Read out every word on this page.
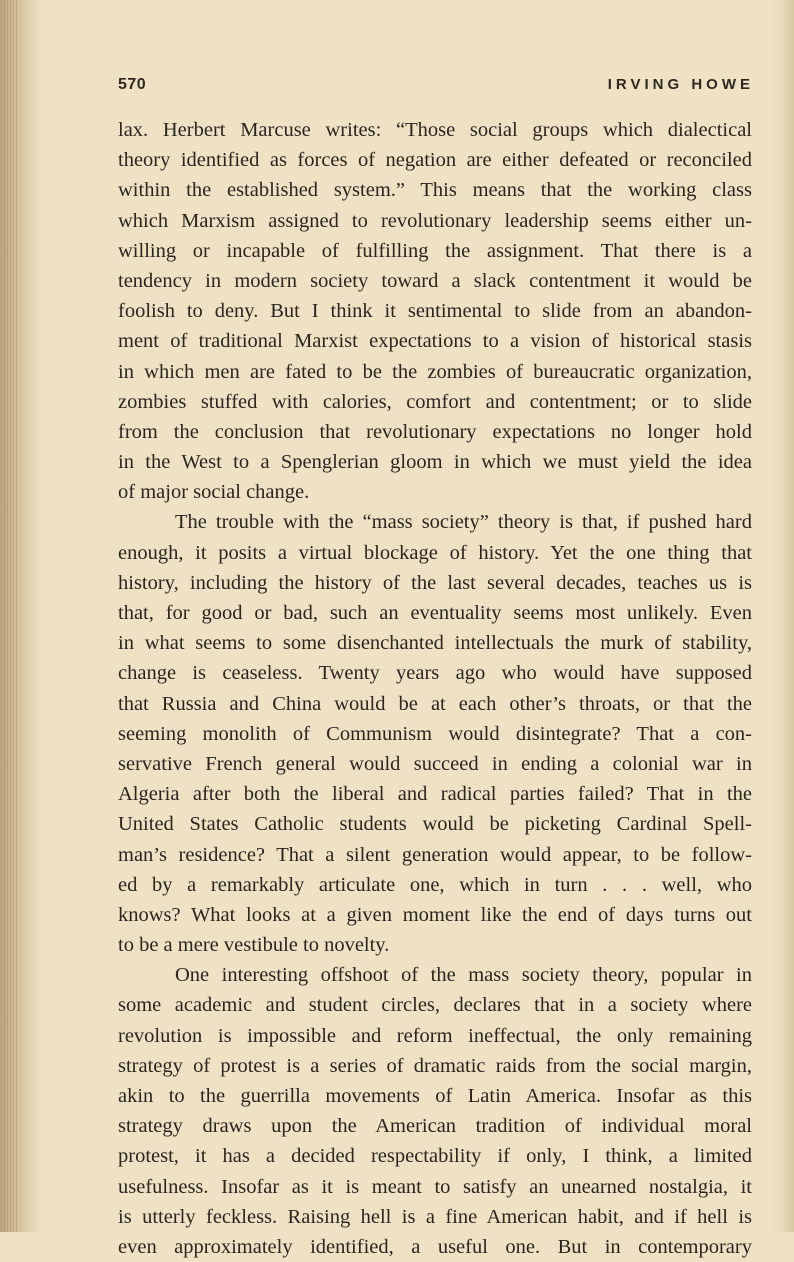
570	IRVING HOWE
lax. Herbert Marcuse writes: “Those social groups which dialectical
theory identified as forces of negation are either defeated or reconciled
within the established system.” This means that the working class
which Marxism assigned to revolutionary leadership seems either un-
willing or incapable of fulfilling the assignment. That there is a
tendency in modern society toward a slack contentment it would be
foolish to deny. But I think it sentimental to slide from an abandon-
ment of traditional Marxist expectations to a vision of historical stasis
in which men are fated to be the zombies of bureaucratic organization,
zombies stuffed with calories, comfort and contentment; or to slide
from the conclusion that revolutionary expectations no longer hold
in the West to a Spenglerian gloom in which we must yield the idea
of major social change.
The trouble with the “mass society” theory is that, if pushed hard
enough, it posits a virtual blockage of history. Yet the one thing that
history, including the history of the last several decades, teaches us is
that, for good or bad, such an eventuality seems most unlikely. Even
in what seems to some disenchanted intellectuals the murk of stability,
change is ceaseless. Twenty years ago who would have supposed
that Russia and China would be at each other’s throats, or that the
seeming monolith of Communism would disintegrate? That a con-
servative French general would succeed in ending a colonial war in
Algeria after both the liberal and radical parties failed? That in the
United States Catholic students would be picketing Cardinal Spell-
man’s residence? That a silent generation would appear, to be follow-
ed by a remarkably articulate one, which in turn . . . well, who
knows? What looks at a given moment like the end of days turns out
to be a mere vestibule to novelty.
One interesting offshoot of the mass society theory, popular in
some academic and student circles, declares that in a society where
revolution is impossible and reform ineffectual, the only remaining
strategy of protest is a series of dramatic raids from the social margin,
akin to the guerrilla movements of Latin America. Insofar as this
strategy draws upon the American tradition of individual moral
protest, it has a decided respectability if only, I think, a limited
usefulness. Insofar as it is meant to satisfy an unearned nostalgia, it
is utterly feckless. Raising hell is a fine American habit, and if hell is
even approximately identified, a useful one. But in contemporary
